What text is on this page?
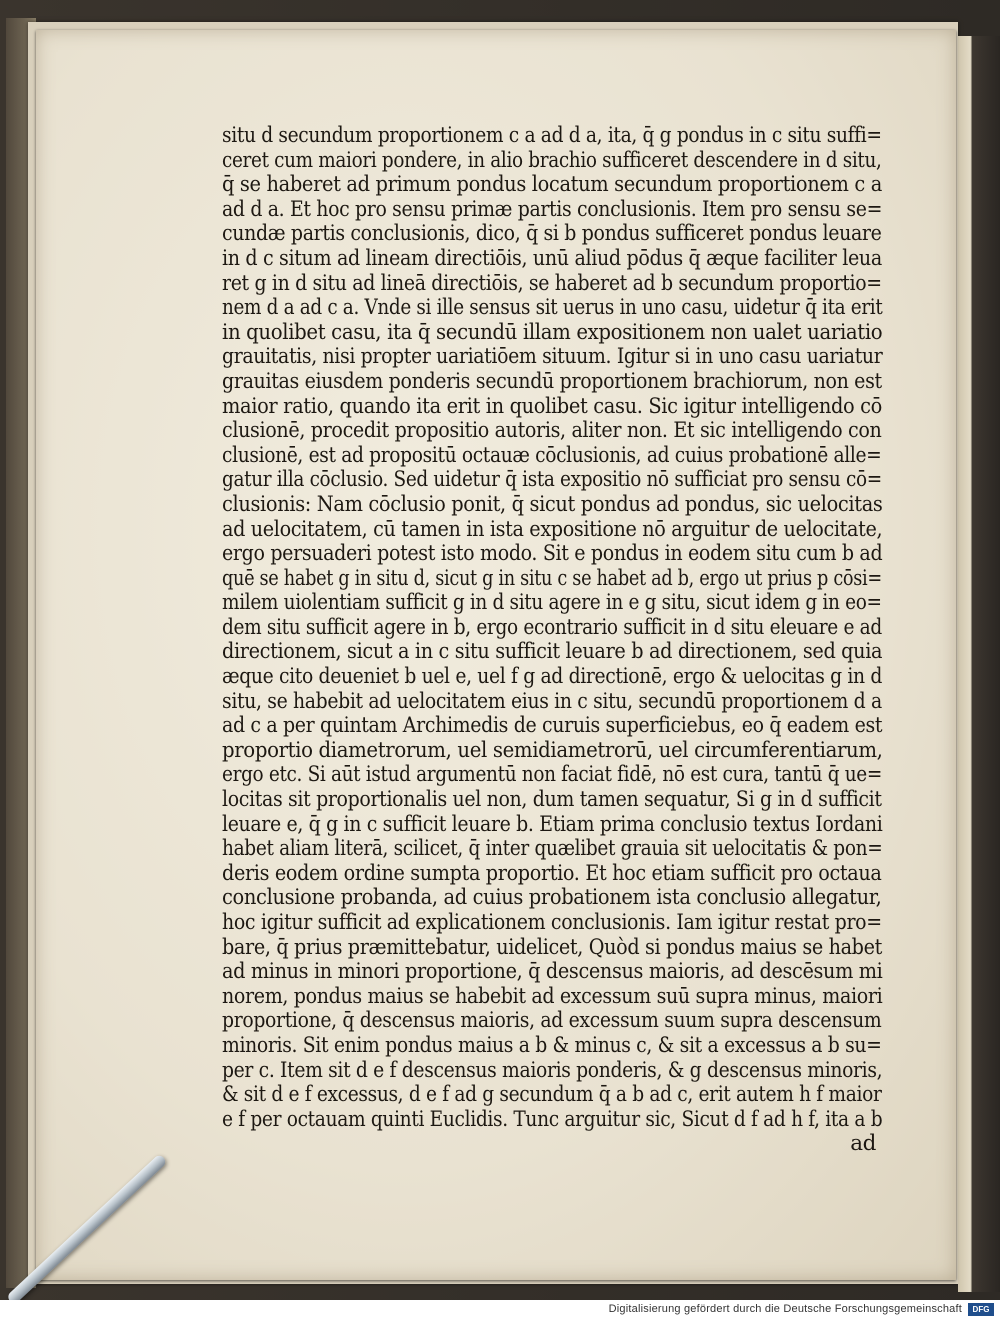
situ d secundum proportionem c a ad d a, ita, q̄ g pondus in c situ suffi=
ceret cum maiori pondere, in alio brachio sufficeret descendere in d situ,
q̄ se haberet ad primum pondus locatum secundum proportionem c a
ad d a. Et hoc pro sensu primæ partis conclusionis. Item pro sensu se=
cundæ partis conclusionis, dico, q̄ si b pondus sufficeret pondus leuare
in d c situm ad lineam directiōis, unū aliud pōdus q̄ æque faciliter leua
ret g in d situ ad lineā directiōis, se haberet ad b secundum proportio=
nem d a ad c a. Vnde si ille sensus sit uerus in uno casu, uidetur q̄ ita erit
in quolibet casu, ita q̄ secundū illam expositionem non ualet uariatio
grauitatis, nisi propter uariatiōem situum. Igitur si in uno casu uariatur
grauitas eiusdem ponderis secundū proportionem brachiorum, non est
maior ratio, quando ita erit in quolibet casu. Sic igitur intelligendo cō
clusionē, procedit propositio autoris, aliter non. Et sic intelligendo con
clusionē, est ad propositū octauæ cōclusionis, ad cuius probationē alle=
gatur illa cōclusio. Sed uidetur q̄ ista expositio nō sufficiat pro sensu cō=
clusionis: Nam cōclusio ponit, q̄ sicut pondus ad pondus, sic uelocitas
ad uelocitatem, cū tamen in ista expositione nō arguitur de uelocitate,
ergo persuaderi potest isto modo. Sit e pondus in eodem situ cum b ad
quē se habet g in situ d, sicut g in situ c se habet ad b, ergo ut prius p cōsi=
milem uiolentiam sufficit g in d situ agere in e g situ, sicut idem g in eo=
dem situ sufficit agere in b, ergo econtrario sufficit in d situ eleuare e ad
directionem, sicut a in c situ sufficit leuare b ad directionem, sed quia
æque cito deueniet b uel e, uel f g ad directionē, ergo & uelocitas g in d
situ, se habebit ad uelocitatem eius in c situ, secundū proportionem d a
ad c a per quintam Archimedis de curuis superficiebus, eo q̄ eadem est
proportio diametrorum, uel semidiametrorū, uel circumferentiarum,
ergo etc. Si aūt istud argumentū non faciat fidē, nō est cura, tantū q̄ ue=
locitas sit proportionalis uel non, dum tamen sequatur, Si g in d sufficit
leuare e, q̄ g in c sufficit leuare b. Etiam prima conclusio textus Iordani
habet aliam literā, scilicet, q̄ inter quælibet grauia sit uelocitatis & pon=
deris eodem ordine sumpta proportio. Et hoc etiam sufficit pro octaua
conclusione probanda, ad cuius probationem ista conclusio allegatur,
hoc igitur sufficit ad explicationem conclusionis. Iam igitur restat pro=
bare, q̄ prius præmittebatur, uidelicet, Quòd si pondus maius se habet
ad minus in minori proportione, q̄ descensus maioris, ad descēsum mi
norem, pondus maius se habebit ad excessum suū supra minus, maiori
proportione, q̄ descensus maioris, ad excessum suum supra descensum
minoris. Sit enim pondus maius a b & minus c, & sit a excessus a b su=
per c. Item sit d e f descensus maioris ponderis, & g descensus minoris,
& sit d e f excessus, d e f ad g secundum q̄ a b ad c, erit autem h f maior
e f per octauam quinti Euclidis. Tunc arguitur sic, Sicut d f ad h f, ita a b
ad
Digitalisierung gefördert durch die Deutsche Forschungsgemeinschaft	DFG
